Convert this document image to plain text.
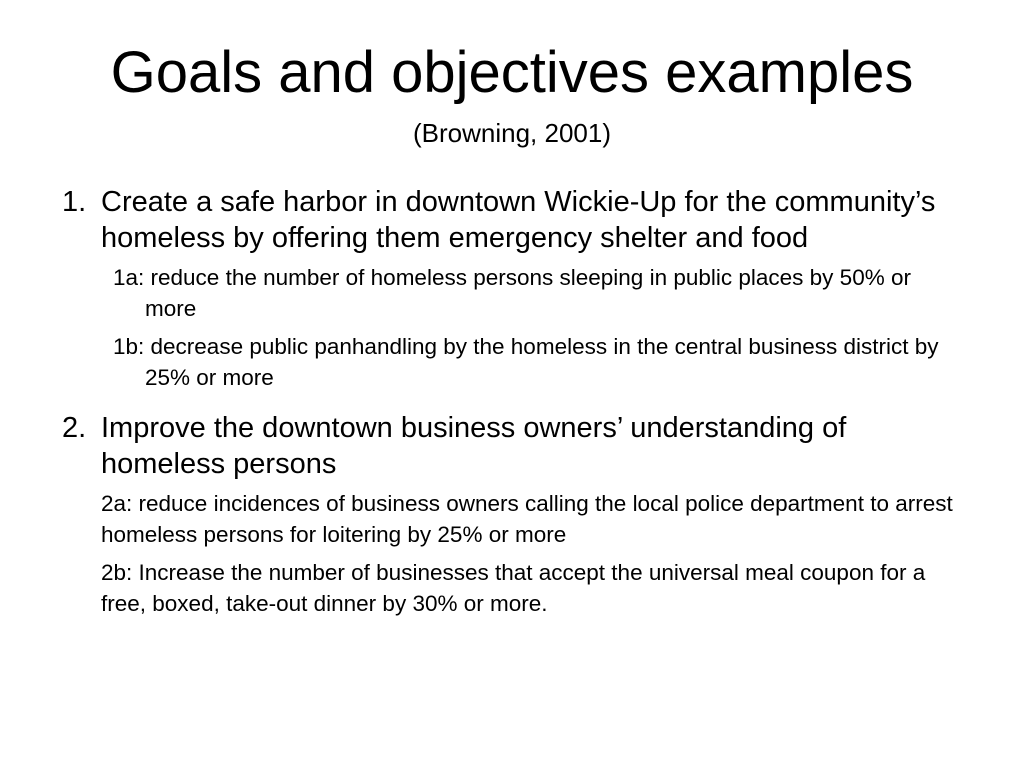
Goals and objectives examples
(Browning, 2001)
1. Create a safe harbor in downtown Wickie-Up for the community’s homeless by offering them emergency shelter and food
1a: reduce the number of homeless persons sleeping in public places by 50% or more
1b: decrease public panhandling by the homeless in the central business district by 25% or more
2. Improve the downtown business owners’ understanding of homeless persons
2a: reduce incidences of business owners calling the local police department to arrest homeless persons for loitering by 25% or more
2b: Increase the number of businesses that accept the universal meal coupon for a free, boxed, take-out dinner by 30% or more.
